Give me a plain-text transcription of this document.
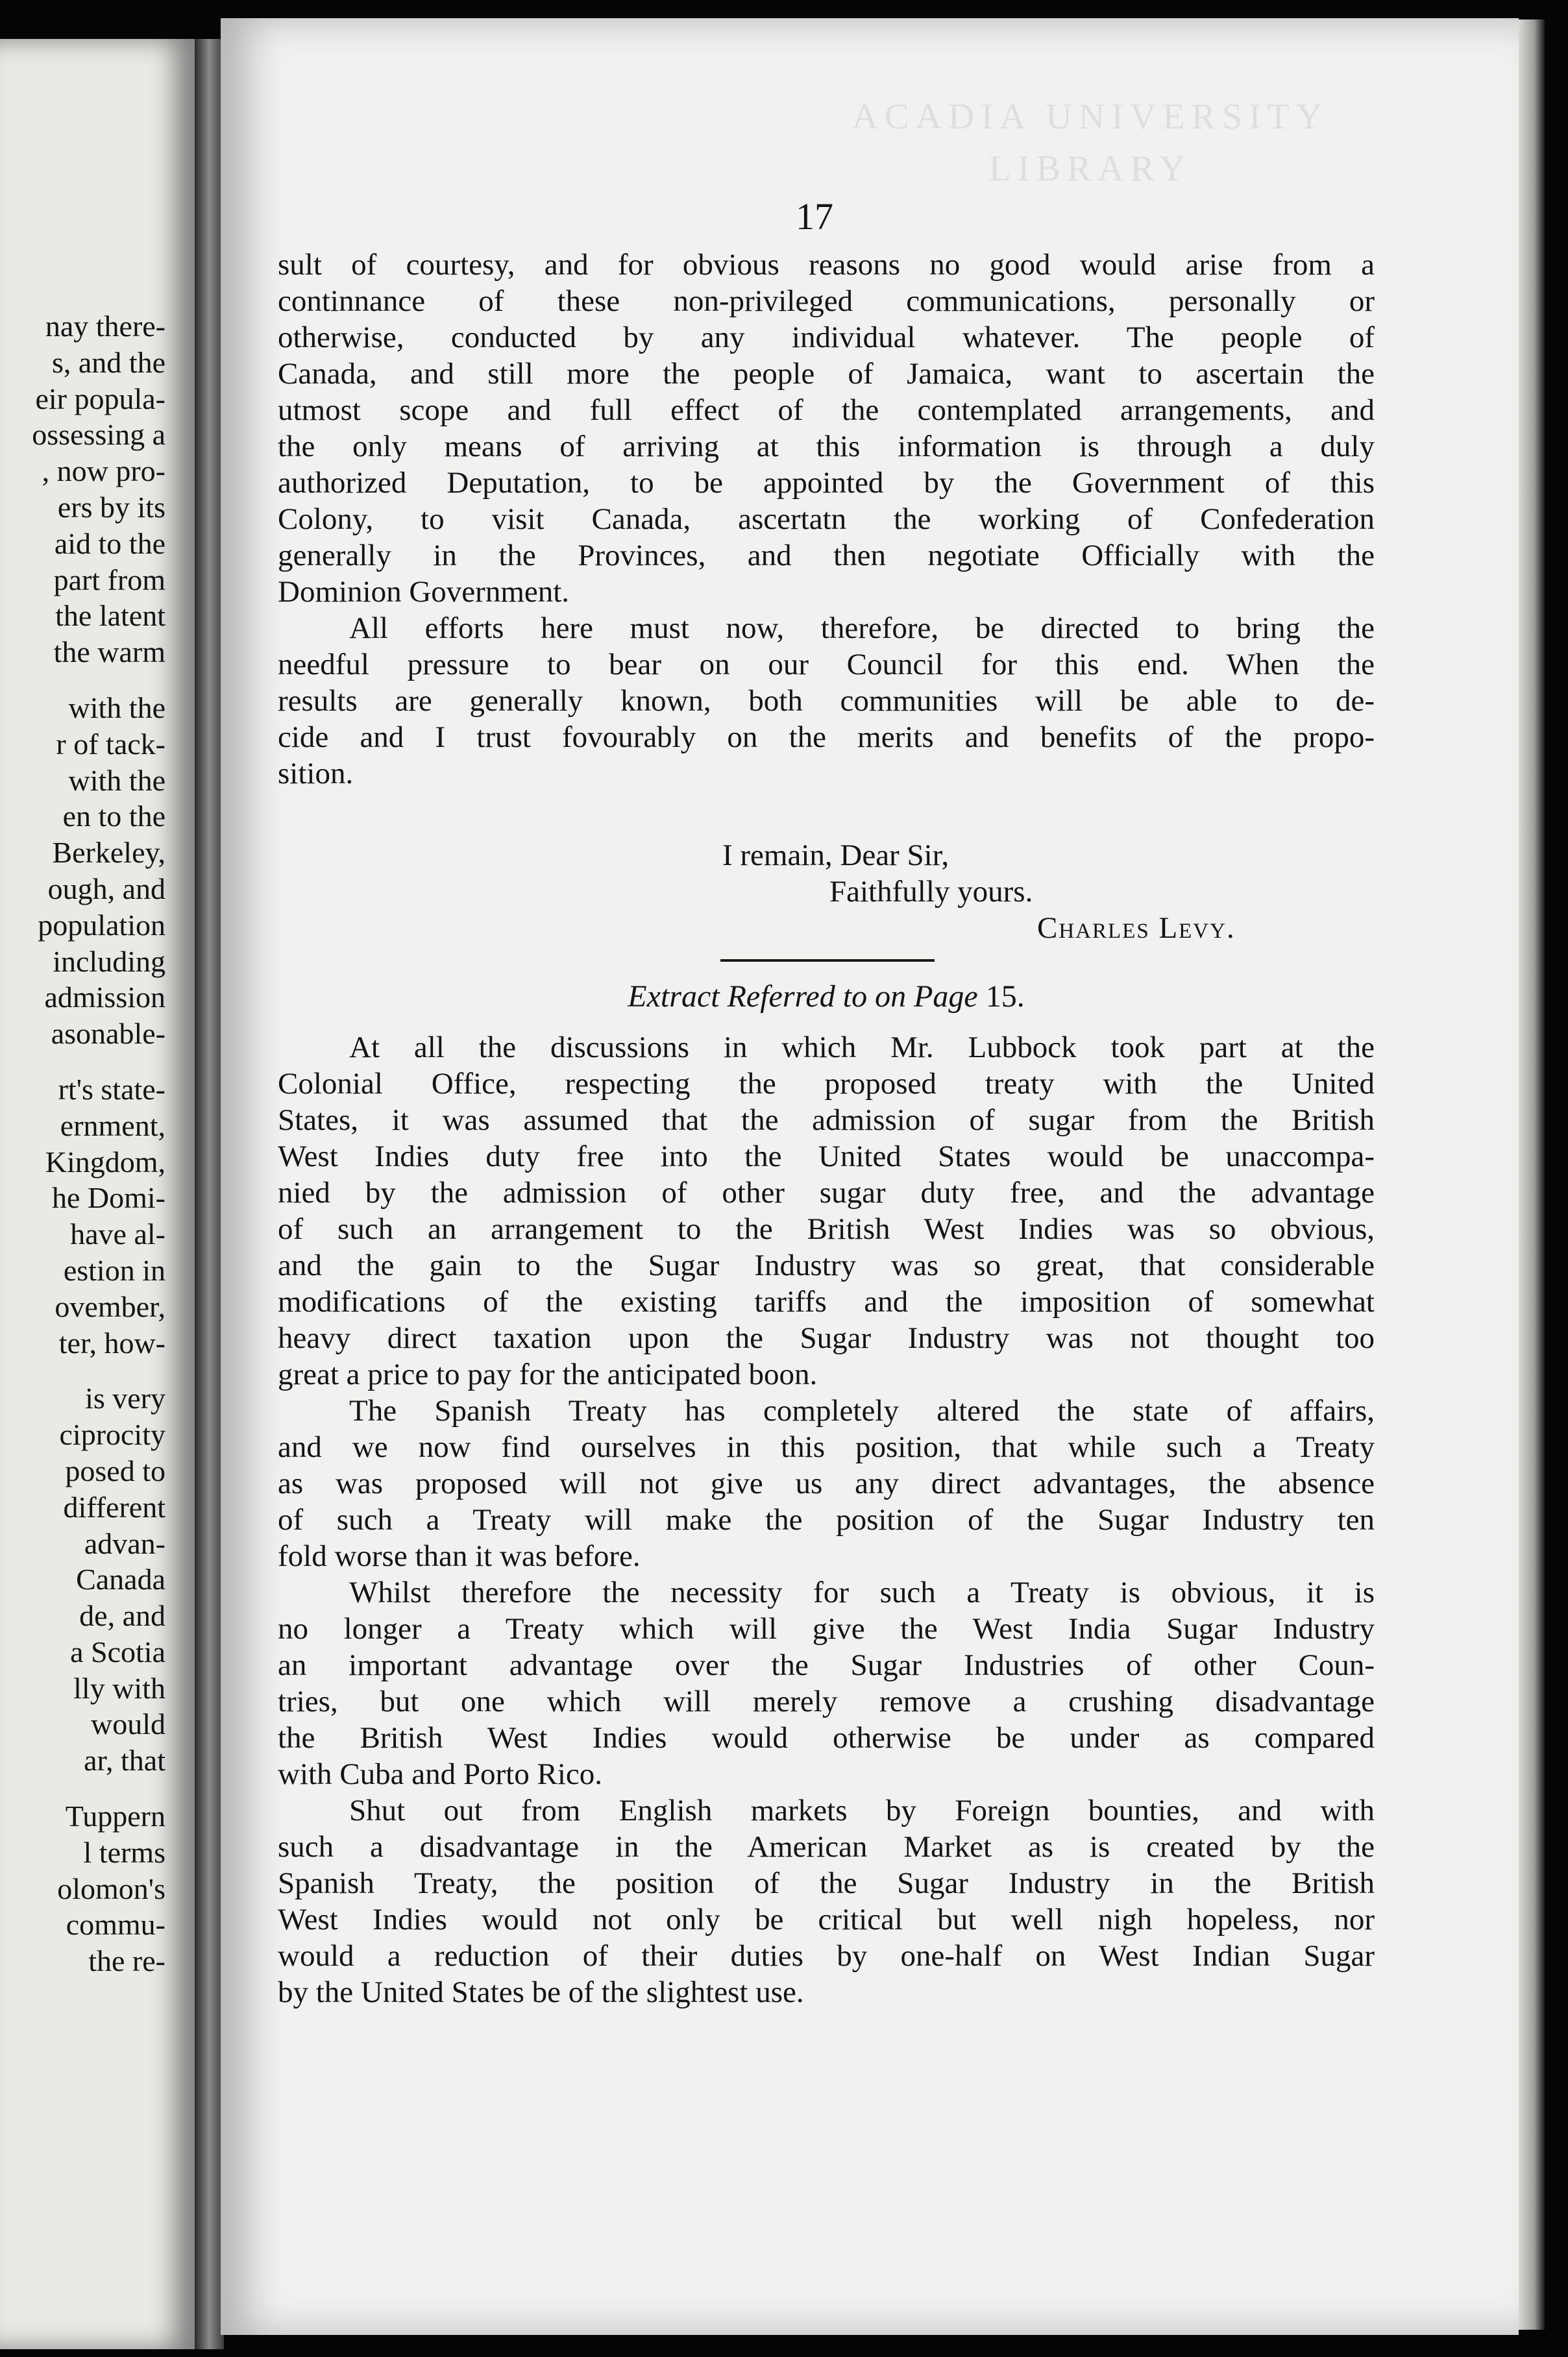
nay there-
s, and the
eir popula-
ossessing a
, now pro-
ers by its
aid to the
part from
the latent
the warm
with the
r of tack-
with the
en to the
Berkeley,
ough, and
population
including
admission
asonable-
rt's state-
ernment,
Kingdom,
he Domi-
have al-
estion in
ovember,
ter, how-
is very
ciprocity
posed to
different
advan-
Canada
de, and
a Scotia
lly with
would
ar, that
Tuppern
l terms
olomon's
commu-
the re-
ACADIA UNIVERSITY LIBRARY
17
sult of courtesy, and for obvious reasons no good would arise from a
continnance of these non-privileged communications, personally or
otherwise, conducted by any individual whatever. The people of
Canada, and still more the people of Jamaica, want to ascertain the
utmost scope and full effect of the contemplated arrangements, and
the only means of arriving at this information is through a duly
authorized Deputation, to be appointed by the Government of this
Colony, to visit Canada, ascertatn the working of Confederation
generally in the Provinces, and then negotiate Officially with the
Dominion Government.
All efforts here must now, therefore, be directed to bring the
needful pressure to bear on our Council for this end. When the
results are generally known, both communities will be able to de-
cide and I trust fovourably on the merits and benefits of the propo-
sition.
I remain, Dear Sir,
Faithfully yours.
Charles Levy.
Extract Referred to on Page 15.
At all the discussions in which Mr. Lubbock took part at the
Colonial Office, respecting the proposed treaty with the United
States, it was assumed that the admission of sugar from the British
West Indies duty free into the United States would be unaccompa-
nied by the admission of other sugar duty free, and the advantage
of such an arrangement to the British West Indies was so obvious,
and the gain to the Sugar Industry was so great, that considerable
modifications of the existing tariffs and the imposition of somewhat
heavy direct taxation upon the Sugar Industry was not thought too
great a price to pay for the anticipated boon.
The Spanish Treaty has completely altered the state of affairs,
and we now find ourselves in this position, that while such a Treaty
as was proposed will not give us any direct advantages, the absence
of such a Treaty will make the position of the Sugar Industry ten
fold worse than it was before.
Whilst therefore the necessity for such a Treaty is obvious, it is
no longer a Treaty which will give the West India Sugar Industry
an important advantage over the Sugar Industries of other Coun-
tries, but one which will merely remove a crushing disadvantage
the British West Indies would otherwise be under as compared
with Cuba and Porto Rico.
Shut out from English markets by Foreign bounties, and with
such a disadvantage in the American Market as is created by the
Spanish Treaty, the position of the Sugar Industry in the British
West Indies would not only be critical but well nigh hopeless, nor
would a reduction of their duties by one-half on West Indian Sugar
by the United States be of the slightest use.
